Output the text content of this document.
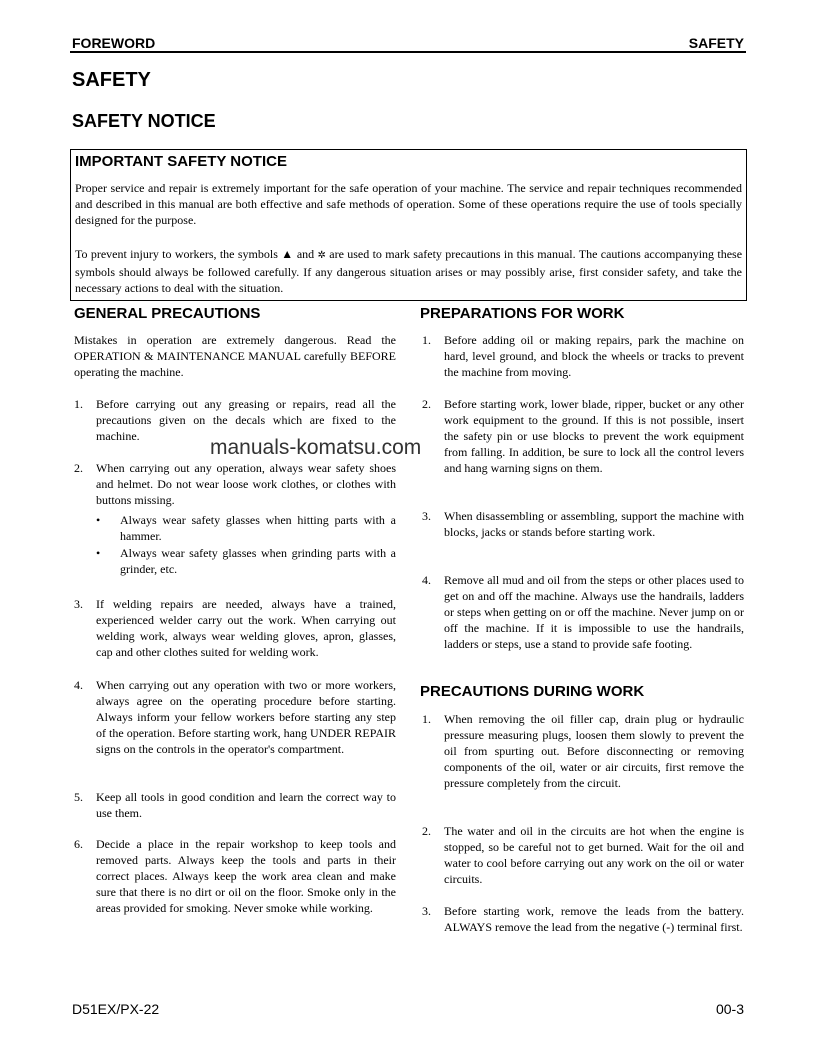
FOREWORD	SAFETY
SAFETY
SAFETY NOTICE
IMPORTANT SAFETY NOTICE
Proper service and repair is extremely important for the safe operation of your machine. The service and repair techniques recommended and described in this manual are both effective and safe methods of operation. Some of these operations require the use of tools specially designed for the purpose.
To prevent injury to workers, the symbols ▲ and ✲ are used to mark safety precautions in this manual. The cautions accompanying these symbols should always be followed carefully. If any dangerous situation arises or may possibly arise, first consider safety, and take the necessary actions to deal with the situation.
GENERAL PRECAUTIONS
Mistakes in operation are extremely dangerous. Read the OPERATION & MAINTENANCE MANUAL carefully BEFORE operating the machine.
1. Before carrying out any greasing or repairs, read all the precautions given on the decals which are fixed to the machine.
2. When carrying out any operation, always wear safety shoes and helmet. Do not wear loose work clothes, or clothes with buttons missing.
• Always wear safety glasses when hitting parts with a hammer.
• Always wear safety glasses when grinding parts with a grinder, etc.
3. If welding repairs are needed, always have a trained, experienced welder carry out the work. When carrying out welding work, always wear welding gloves, apron, glasses, cap and other clothes suited for welding work.
4. When carrying out any operation with two or more workers, always agree on the operating procedure before starting. Always inform your fellow workers before starting any step of the operation. Before starting work, hang UNDER REPAIR signs on the controls in the operator's compartment.
5. Keep all tools in good condition and learn the correct way to use them.
6. Decide a place in the repair workshop to keep tools and removed parts. Always keep the tools and parts in their correct places. Always keep the work area clean and make sure that there is no dirt or oil on the floor. Smoke only in the areas provided for smoking. Never smoke while working.
PREPARATIONS FOR WORK
1. Before adding oil or making repairs, park the machine on hard, level ground, and block the wheels or tracks to prevent the machine from moving.
2. Before starting work, lower blade, ripper, bucket or any other work equipment to the ground. If this is not possible, insert the safety pin or use blocks to prevent the work equipment from falling. In addition, be sure to lock all the control levers and hang warning signs on them.
3. When disassembling or assembling, support the machine with blocks, jacks or stands before starting work.
4. Remove all mud and oil from the steps or other places used to get on and off the machine. Always use the handrails, ladders or steps when getting on or off the machine. Never jump on or off the machine. If it is impossible to use the handrails, ladders or steps, use a stand to provide safe footing.
PRECAUTIONS DURING WORK
1. When removing the oil filler cap, drain plug or hydraulic pressure measuring plugs, loosen them slowly to prevent the oil from spurting out. Before disconnecting or removing components of the oil, water or air circuits, first remove the pressure completely from the circuit.
2. The water and oil in the circuits are hot when the engine is stopped, so be careful not to get burned. Wait for the oil and water to cool before carrying out any work on the oil or water circuits.
3. Before starting work, remove the leads from the battery. ALWAYS remove the lead from the negative (-) terminal first.
manuals-komatsu.com
D51EX/PX-22	00-3
